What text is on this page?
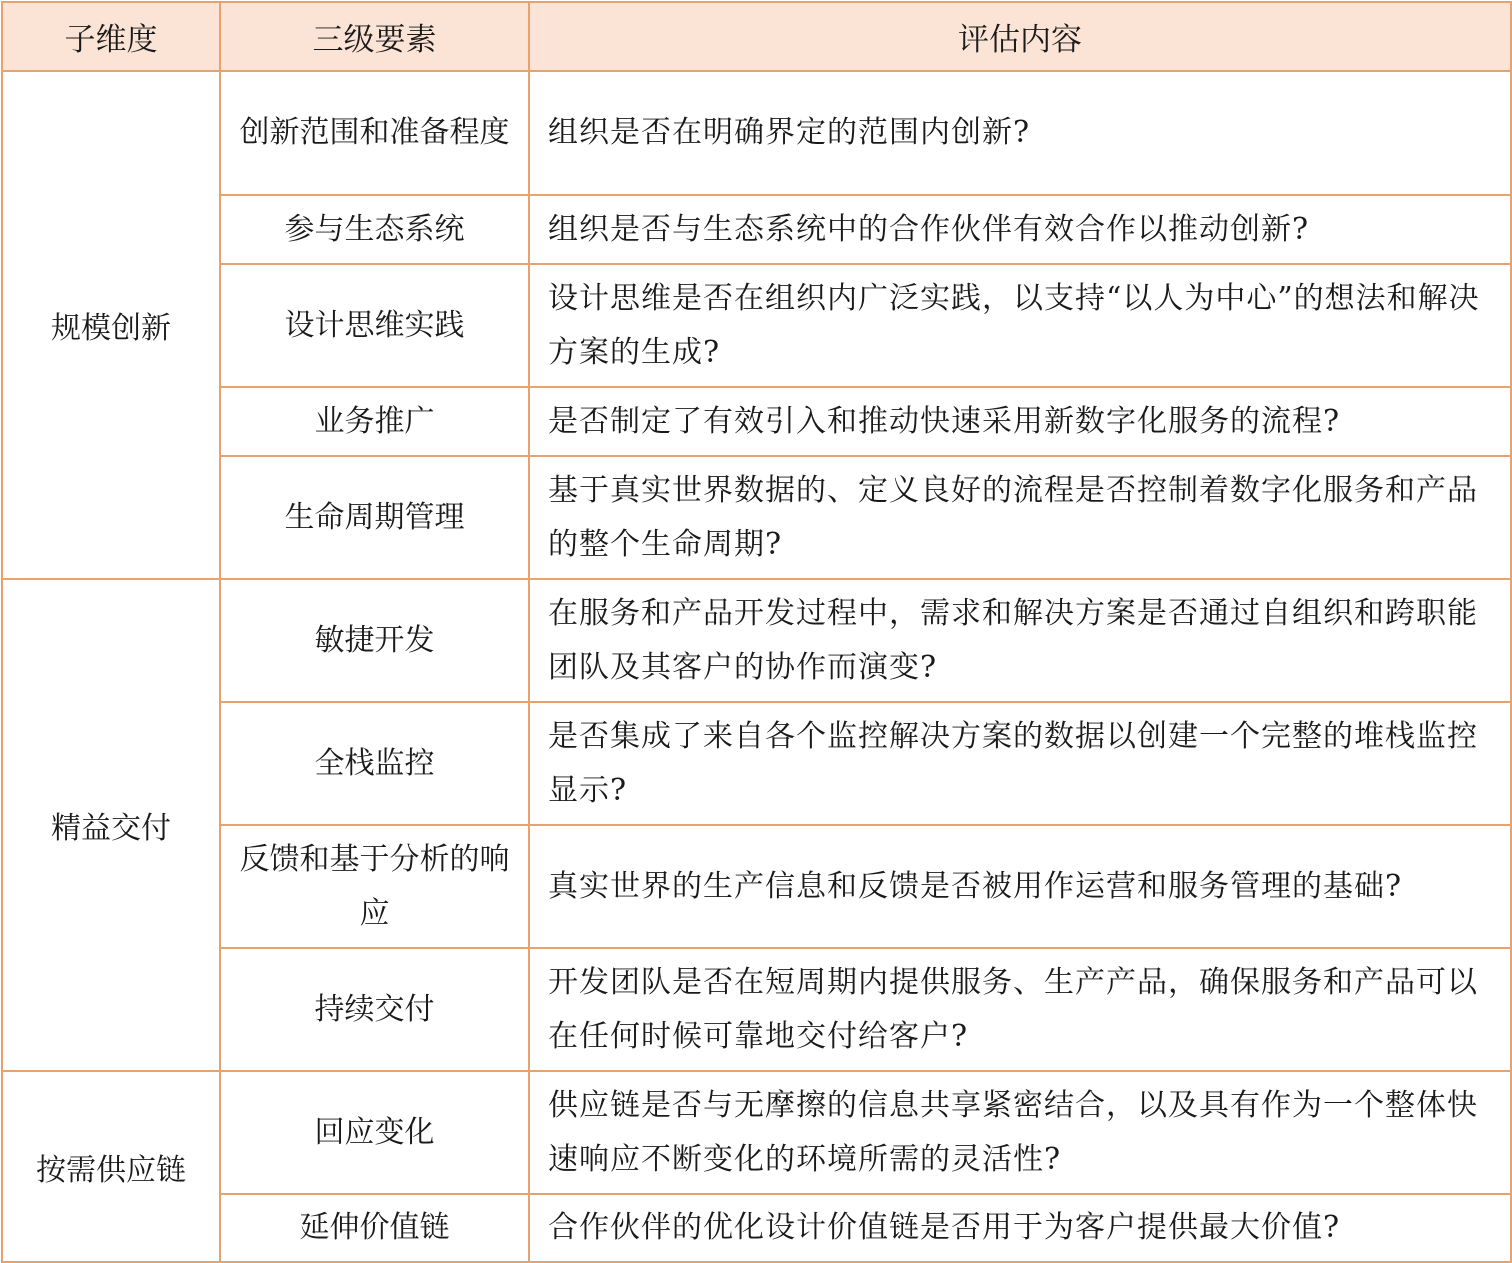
子维度	三级要素	评估内容
规模创新	创新范围和准备程度	组织是否在明确界定的范围内创新?
	参与生态系统	组织是否与生态系统中的合作伙伴有效合作以推动创新?
	设计思维实践	设计思维是否在组织内广泛实践，以支持“以人为中心”的想法和解决方案的生成?
	业务推广	是否制定了有效引入和推动快速采用新数字化服务的流程?
	生命周期管理	基于真实世界数据的、定义良好的流程是否控制着数字化服务和产品的整个生命周期?
精益交付	敏捷开发	在服务和产品开发过程中，需求和解决方案是否通过自组织和跨职能团队及其客户的协作而演变?
	全栈监控	是否集成了来自各个监控解决方案的数据以创建一个完整的堆栈监控显示?
	反馈和基于分析的响应	真实世界的生产信息和反馈是否被用作运营和服务管理的基础?
	持续交付	开发团队是否在短周期内提供服务、生产产品，确保服务和产品可以在任何时候可靠地交付给客户?
按需供应链	回应变化	供应链是否与无摩擦的信息共享紧密结合，以及具有作为一个整体快速响应不断变化的环境所需的灵活性?
	延伸价值链	合作伙伴的优化设计价值链是否用于为客户提供最大价值?
